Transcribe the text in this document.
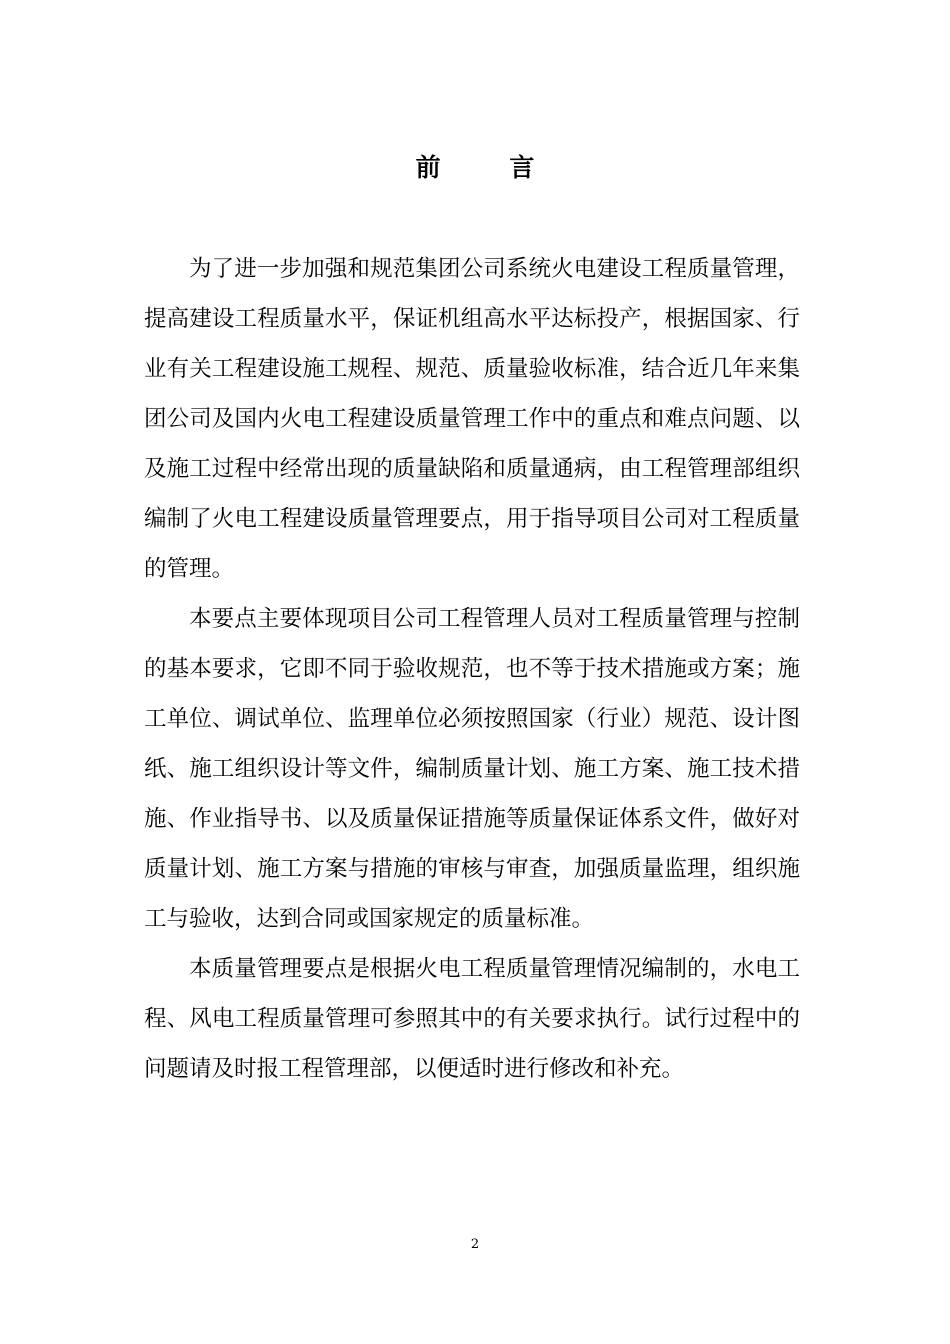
前 言

为了进一步加强和规范集团公司系统火电建设工程质量管理，提高建设工程质量水平，保证机组高水平达标投产，根据国家、行业有关工程建设施工规程、规范、质量验收标准，结合近几年来集团公司及国内火电工程建设质量管理工作中的重点和难点问题、以及施工过程中经常出现的质量缺陷和质量通病，由工程管理部组织编制了火电工程建设质量管理要点，用于指导项目公司对工程质量的管理。

本要点主要体现项目公司工程管理人员对工程质量管理与控制的基本要求，它即不同于验收规范，也不等于技术措施或方案；施工单位、调试单位、监理单位必须按照国家（行业）规范、设计图纸、施工组织设计等文件，编制质量计划、施工方案、施工技术措施、作业指导书、以及质量保证措施等质量保证体系文件，做好对质量计划、施工方案与措施的审核与审查，加强质量监理，组织施工与验收，达到合同或国家规定的质量标准。

本质量管理要点是根据火电工程质量管理情况编制的，水电工程、风电工程质量管理可参照其中的有关要求执行。试行过程中的问题请及时报工程管理部，以便适时进行修改和补充。

2
